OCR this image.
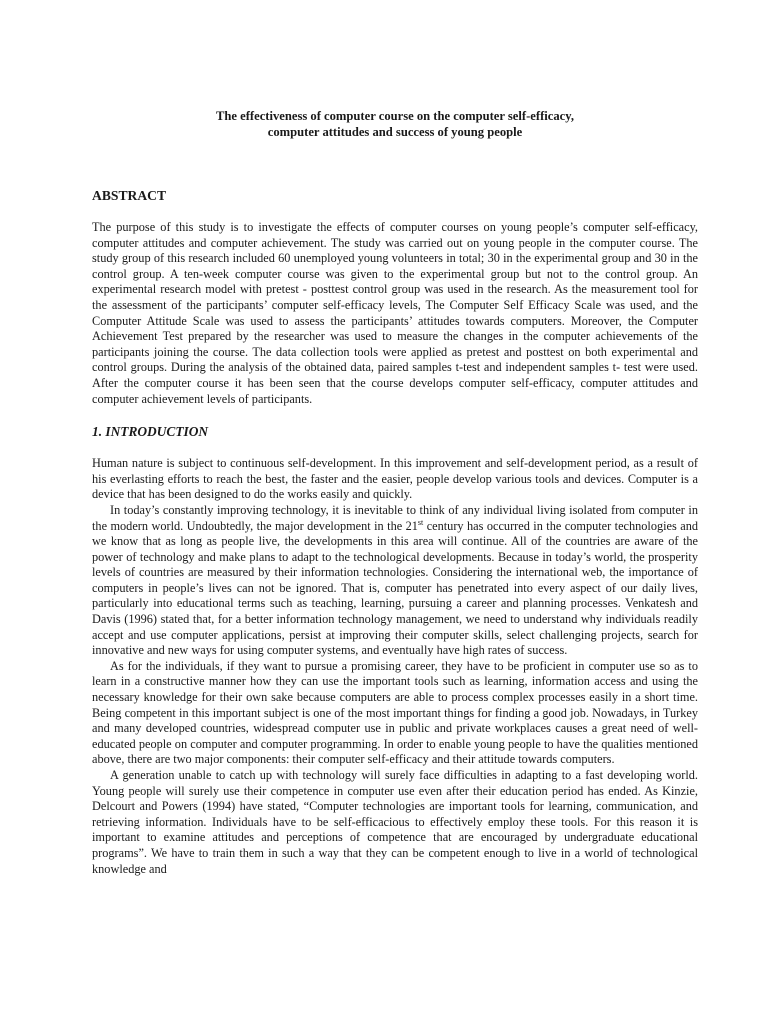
The effectiveness of computer course on the computer self-efficacy,
computer attitudes and success of young people
ABSTRACT

The purpose of this study is to investigate the effects of computer courses on young people’s computer self-efficacy, computer attitudes and computer achievement. The study was carried out on young people in the computer course. The study group of this research included 60 unemployed young volunteers in total; 30 in the experimental group and 30 in the control group. A ten-week computer course was given to the experimental group but not to the control group. An experimental research model with pretest - posttest control group was used in the research. As the measurement tool for the assessment of the participants’ computer self-efficacy levels, The Computer Self Efficacy Scale was used, and the Computer Attitude Scale was used to assess the participants’ attitudes towards computers. Moreover, the Computer Achievement Test prepared by the researcher was used to measure the changes in the computer achievements of the participants joining the course. The data collection tools were applied as pretest and posttest on both experimental and control groups. During the analysis of the obtained data, paired samples t-test and independent samples t- test were used. After the computer course it has been seen that the course develops computer self-efficacy, computer attitudes and computer achievement levels of participants.

1. INTRODUCTION

Human nature is subject to continuous self-development. In this improvement and self-development period, as a result of his everlasting efforts to reach the best, the faster and the easier, people develop various tools and devices. Computer is a device that has been designed to do the works easily and quickly.

In today’s constantly improving technology, it is inevitable to think of any individual living isolated from computer in the modern world. Undoubtedly, the major development in the 21st century has occurred in the computer technologies and we know that as long as people live, the developments in this area will continue. All of the countries are aware of the power of technology and make plans to adapt to the technological developments. Because in today’s world, the prosperity levels of countries are measured by their information technologies. Considering the international web, the importance of computers in people’s lives can not be ignored. That is, computer has penetrated into every aspect of our daily lives, particularly into educational terms such as teaching, learning, pursuing a career and planning processes. Venkatesh and Davis (1996) stated that, for a better information technology management, we need to understand why individuals readily accept and use computer applications, persist at improving their computer skills, select challenging projects, search for innovative and new ways for using computer systems, and eventually have high rates of success.

As for the individuals, if they want to pursue a promising career, they have to be proficient in computer use so as to learn in a constructive manner how they can use the important tools such as learning, information access and using the necessary knowledge for their own sake because computers are able to process complex processes easily in a short time. Being competent in this important subject is one of the most important things for finding a good job. Nowadays, in Turkey and many developed countries, widespread computer use in public and private workplaces causes a great need of well-educated people on computer and computer programming. In order to enable young people to have the qualities mentioned above, there are two major components: their computer self-efficacy and their attitude towards computers.

A generation unable to catch up with technology will surely face difficulties in adapting to a fast developing world. Young people will surely use their competence in computer use even after their education period has ended. As Kinzie, Delcourt and Powers (1994) have stated, “Computer technologies are important tools for learning, communication, and retrieving information. Individuals have to be self-efficacious to effectively employ these tools. For this reason it is important to examine attitudes and perceptions of competence that are encouraged by undergraduate educational programs”. We have to train them in such a way that they can be competent enough to live in a world of technological knowledge and
